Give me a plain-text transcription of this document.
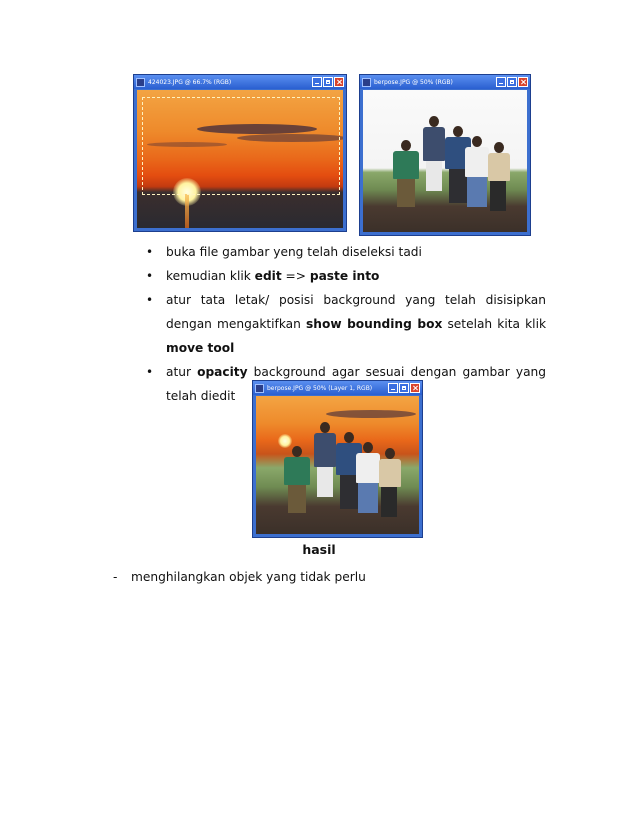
424023.JPG @ 66.7% (RGB)	berpose.JPG @ 50% (RGB)
• buka file gambar yeng telah diseleksi tadi
• kemudian klik edit => paste into
• atur tata letak/ posisi background yang telah disisipkan dengan mengaktifkan show bounding box setelah kita klik move tool
• atur opacity background agar sesuai dengan gambar yang telah diedit
berpose.JPG @ 50% (Layer 1, RGB)
hasil
- menghilangkan objek yang tidak perlu
